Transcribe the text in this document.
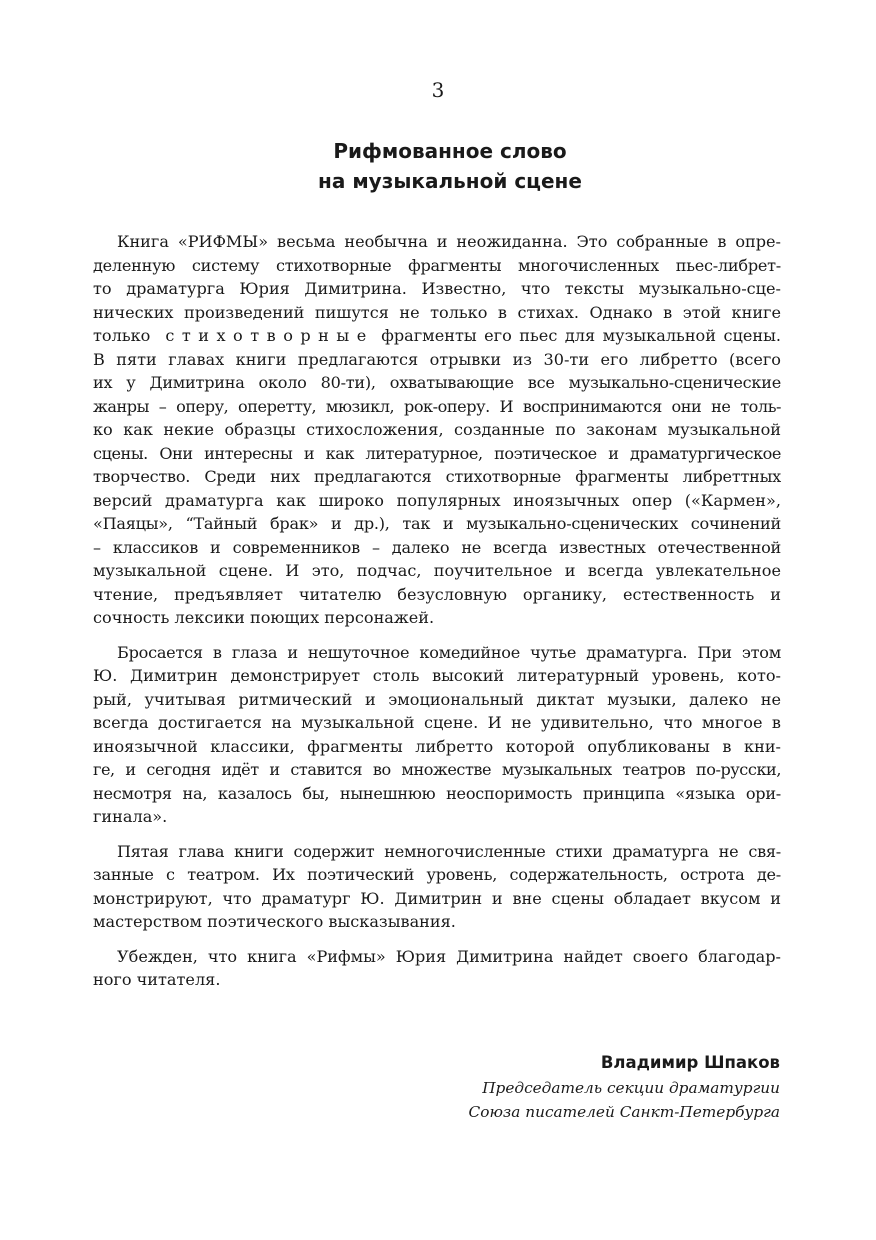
3
Рифмованное слово
на музыкальной сцене

Книга «РИФМЫ» весьма необычна и неожиданна. Это собранные в опре-
деленную систему стихотворные фрагменты многочисленных пьес-либрет-
то драматурга Юрия Димитрина. Известно, что тексты музыкально-сце-
нических произведений пишутся не только в стихах. Однако в этой книге
только с т и х о т в о р н ы е фрагменты его пьес для музыкальной сцены.
В пяти главах книги предлагаются отрывки из 30-ти его либретто (всего
их у Димитрина около 80-ти), охватывающие все музыкально-сценические
жанры – оперу, оперетту, мюзикл, рок-оперу. И воспринимаются они не толь-
ко как некие образцы стихосложения, созданные по законам музыкальной
сцены. Они интересны и как литературное, поэтическое и драматургическое
творчество. Среди них предлагаются стихотворные фрагменты либреттных
версий драматурга как широко популярных иноязычных опер («Кармен»,
«Паяцы», “Тайный брак» и др.), так и музыкально-сценических сочинений
– классиков и современников – далеко не всегда известных отечественной
музыкальной сцене. И это, подчас, поучительное и всегда увлекательное
чтение, предъявляет читателю безусловную органику, естественность и
сочность лексики поющих персонажей.

Бросается в глаза и нешуточное комедийное чутье драматурга. При этом
Ю. Димитрин демонстрирует столь высокий литературный уровень, кото-
рый, учитывая ритмический и эмоциональный диктат музыки, далеко не
всегда достигается на музыкальной сцене. И не удивительно, что многое в
иноязычной классики, фрагменты либретто которой опубликованы в кни-
ге, и сегодня идёт и ставится во множестве музыкальных театров по-русски,
несмотря на, казалось бы, нынешнюю неоспоримость принципа «языка ори-
гинала».

Пятая глава книги содержит немногочисленные стихи драматурга не свя-
занные с театром. Их поэтический уровень, содержательность, острота де-
монстрируют, что драматург Ю. Димитрин и вне сцены обладает вкусом и
мастерством поэтического высказывания.

Убежден, что книга «Рифмы» Юрия Димитрина найдет своего благодар-
ного читателя.

Владимир Шпаков
Председатель секции драматургии
Союза писателей Санкт-Петербурга
